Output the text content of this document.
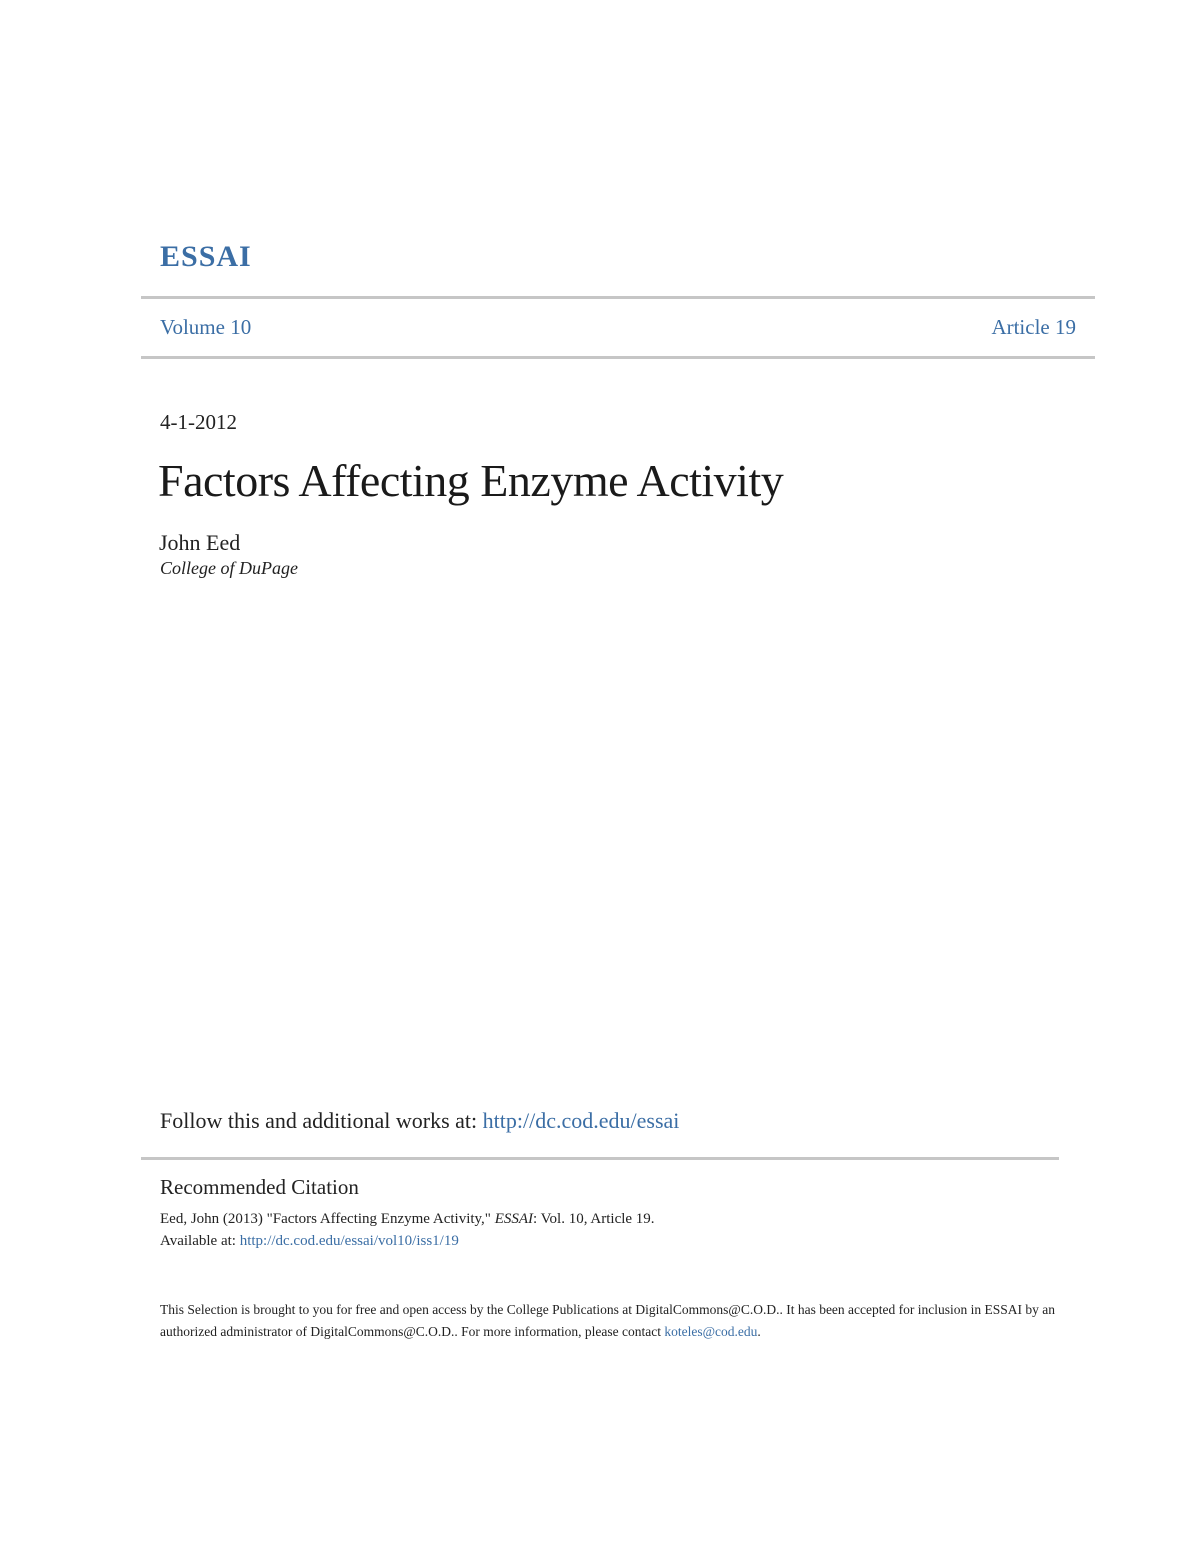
ESSAI
Volume 10	Article 19
4-1-2012
Factors Affecting Enzyme Activity
John Eed
College of DuPage
Follow this and additional works at: http://dc.cod.edu/essai
Recommended Citation
Eed, John (2013) "Factors Affecting Enzyme Activity," ESSAI: Vol. 10, Article 19.
Available at: http://dc.cod.edu/essai/vol10/iss1/19
This Selection is brought to you for free and open access by the College Publications at DigitalCommons@C.O.D.. It has been accepted for inclusion in ESSAI by an authorized administrator of DigitalCommons@C.O.D.. For more information, please contact koteles@cod.edu.
